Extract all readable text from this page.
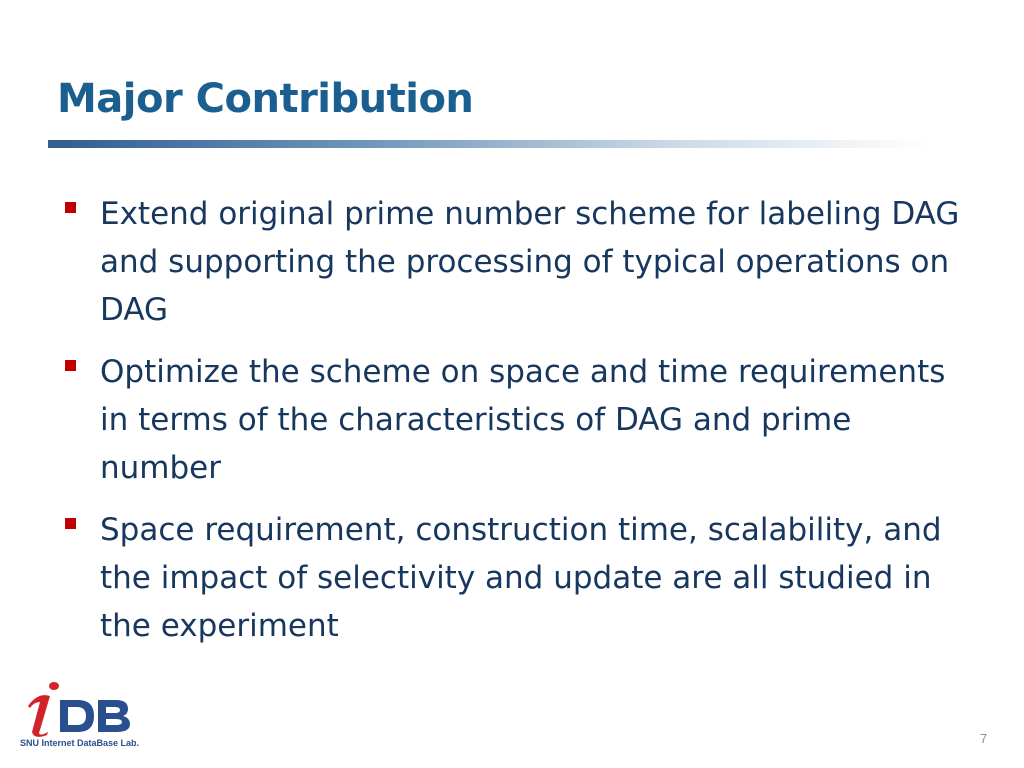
Major Contribution
Extend original prime number scheme for labeling DAG and supporting the processing of typical operations on DAG
Optimize the scheme on space and time requirements in terms of the characteristics of DAG and prime number
Space requirement, construction time, scalability, and the impact of selectivity and update are all studied in the experiment
SNU Internet DataBase Lab.	7
